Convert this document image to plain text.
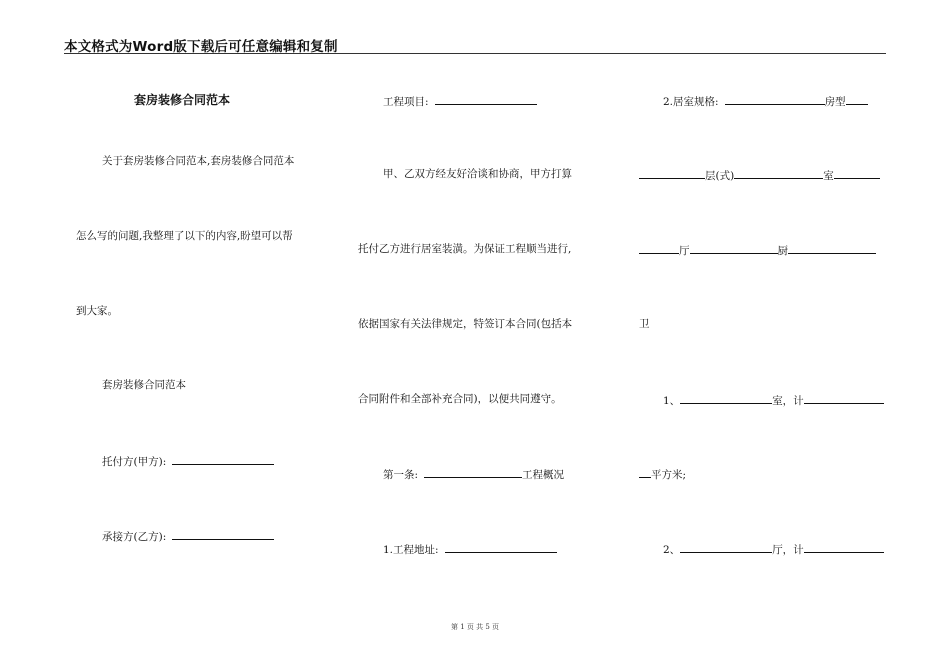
本文格式为Word版下载后可任意编辑和复制
套房装修合同范本
关于套房装修合同范本,套房装修合同范本
怎么写的问题,我整理了以下的内容,盼望可以帮
到大家。
套房装修合同范本
托付方(甲方):
承接方(乙方):
工程项目:
甲、乙双方经友好洽谈和协商，甲方打算
托付乙方进行居室装潢。为保证工程顺当进行,
依据国家有关法律规定，特签订本合同(包括本
合同附件和全部补充合同)，以便共同遵守。
第一条:	工程概况
1.工程地址:
2.居室规格:	房型
层(式)	室
厅	厨
卫
1、	室，计
平方米;
2、	厅，计
第 1 页 共 5 页
